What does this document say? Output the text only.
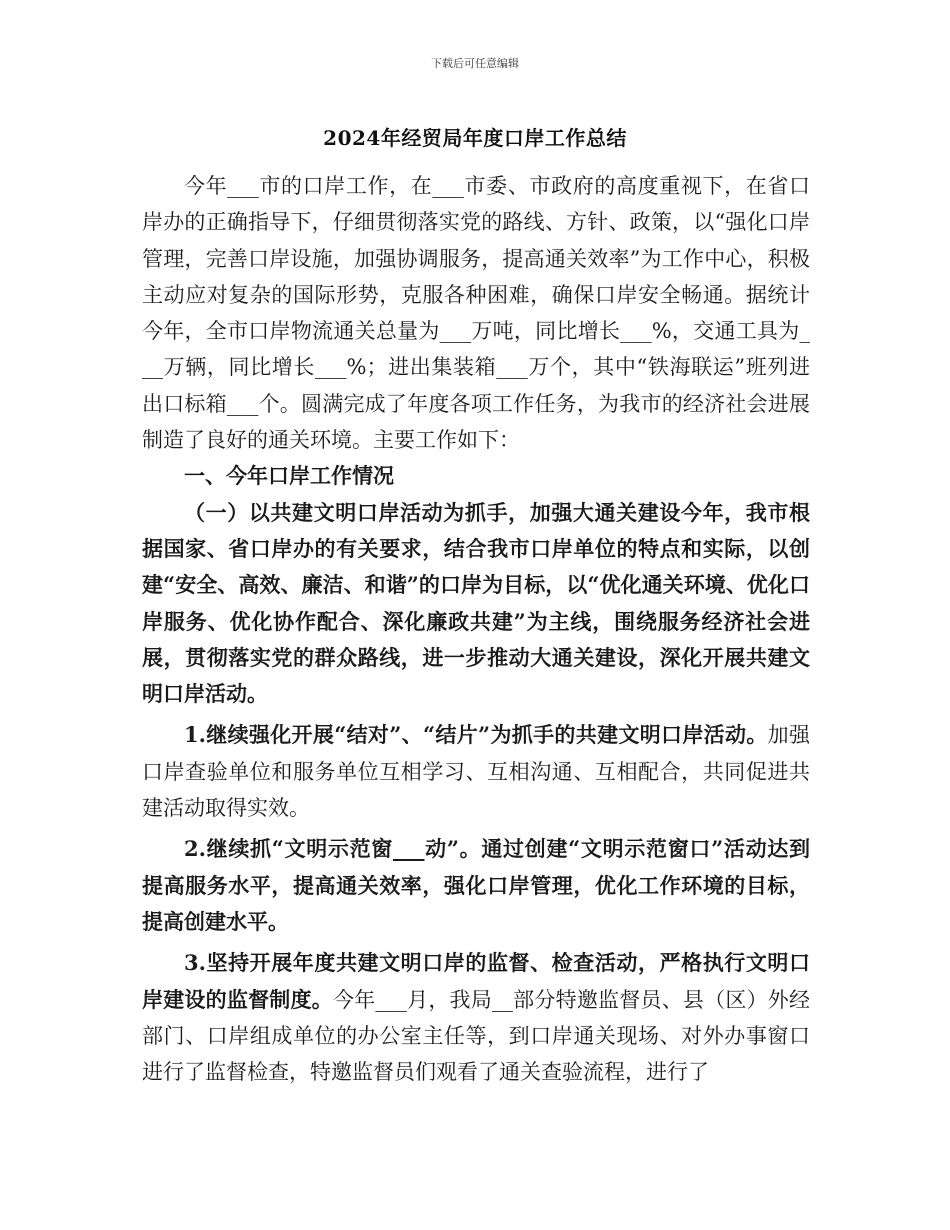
下载后可任意编辑
2024年经贸局年度口岸工作总结

今年___市的口岸工作，在___市委、市政府的高度重视下，在省口岸办的正确指导下，仔细贯彻落实党的路线、方针、政策，以“强化口岸管理，完善口岸设施，加强协调服务，提高通关效率”为工作中心，积极主动应对复杂的国际形势，克服各种困难，确保口岸安全畅通。据统计今年，全市口岸物流通关总量为___万吨，同比增长___%，交通工具为___万辆，同比增长___%；进出集装箱___万个，其中“铁海联运”班列进出口标箱___个。圆满完成了年度各项工作任务，为我市的经济社会进展制造了良好的通关环境。主要工作如下：

一、今年口岸工作情况

（一）以共建文明口岸活动为抓手，加强大通关建设今年，我市根据国家、省口岸办的有关要求，结合我市口岸单位的特点和实际，以创建“安全、高效、廉洁、和谐”的口岸为目标，以“优化通关环境、优化口岸服务、优化协作配合、深化廉政共建”为主线，围绕服务经济社会进展，贯彻落实党的群众路线，进一步推动大通关建设，深化开展共建文明口岸活动。

1.继续强化开展“结对”、“结片”为抓手的共建文明口岸活动。加强口岸查验单位和服务单位互相学习、互相沟通、互相配合，共同促进共建活动取得实效。

2.继续抓“文明示范窗___动”。通过创建“文明示范窗口”活动达到提高服务水平，提高通关效率，强化口岸管理，优化工作环境的目标，提高创建水平。

3.坚持开展年度共建文明口岸的监督、检查活动，严格执行文明口岸建设的监督制度。今年___月，我局__部分特邀监督员、县（区）外经部门、口岸组成单位的办公室主任等，到口岸通关现场、对外办事窗口进行了监督检查，特邀监督员们观看了通关查验流程，进行了
